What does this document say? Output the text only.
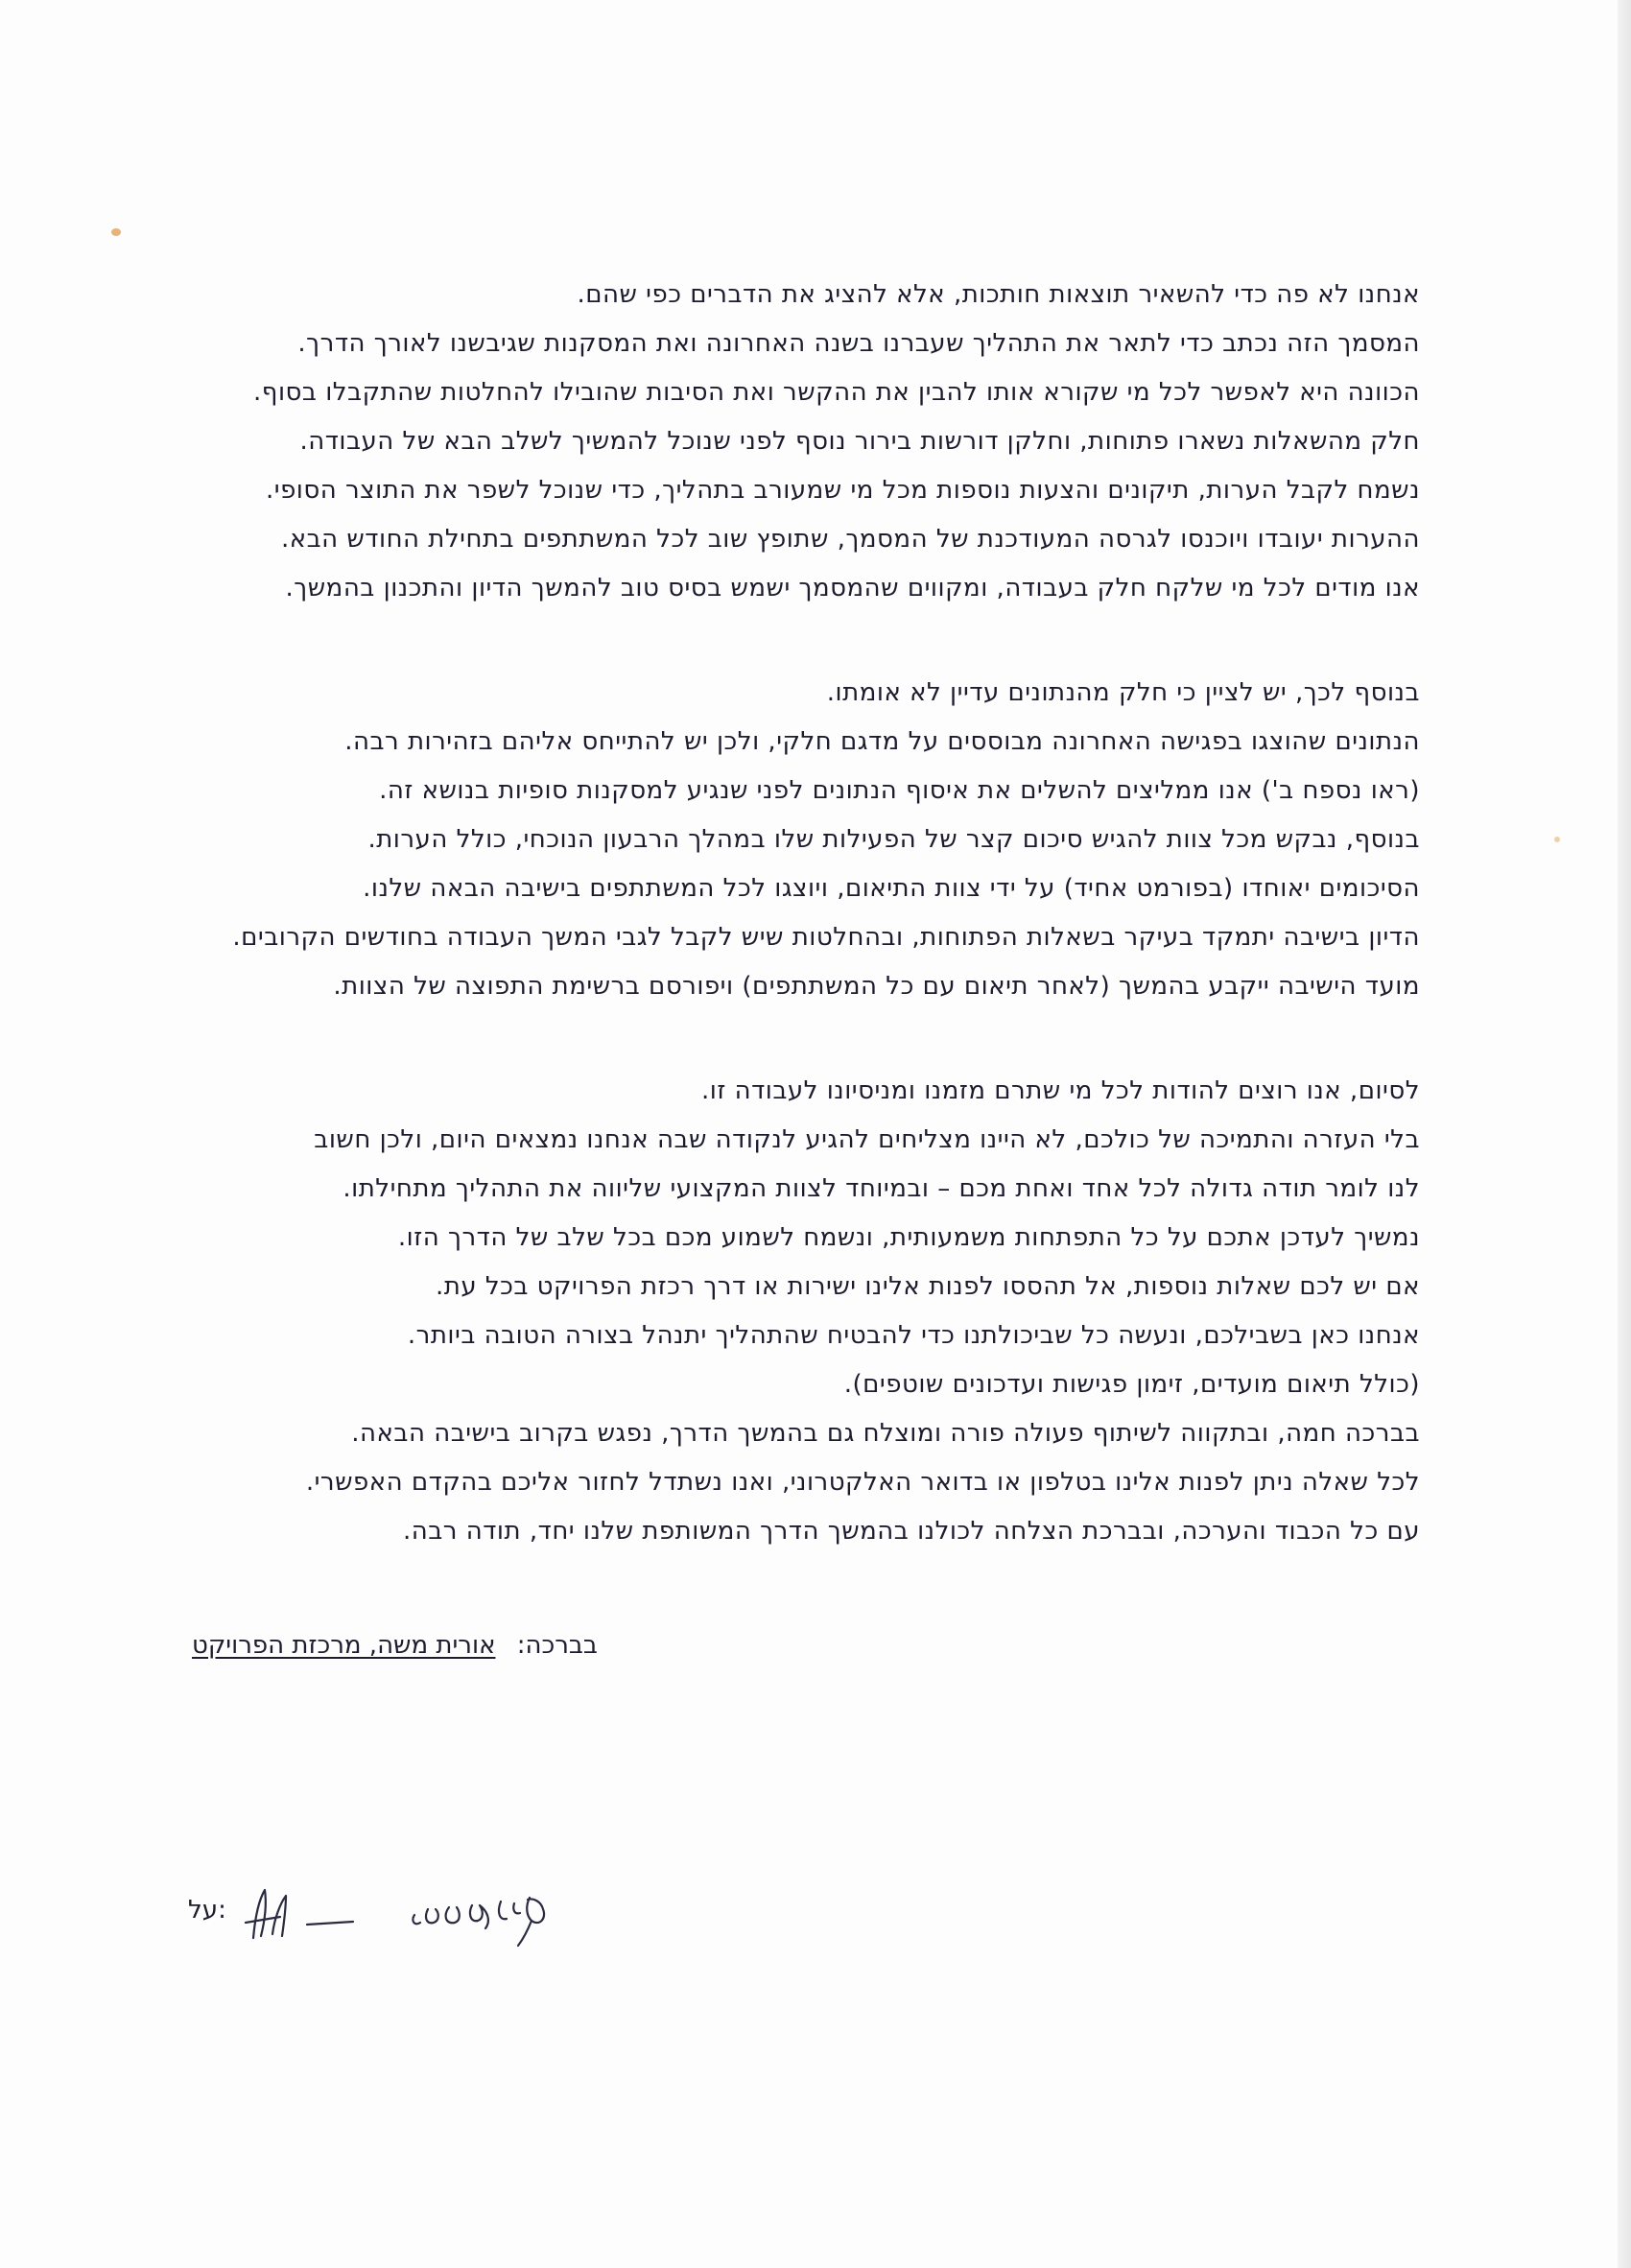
אנחנו לא פה כדי להשאיר תוצאות חותכות, אלא להציג את הדברים כפי שהם.
המסמך הזה נכתב כדי לתאר את התהליך שעברנו בשנה האחרונה ואת המסקנות שגיבשנו לאורך הדרך.
הכוונה היא לאפשר לכל מי שקורא אותו להבין את ההקשר ואת הסיבות שהובילו להחלטות שהתקבלו בסוף.
חלק מהשאלות נשארו פתוחות, וחלקן דורשות בירור נוסף לפני שנוכל להמשיך לשלב הבא של העבודה.
נשמח לקבל הערות, תיקונים והצעות נוספות מכל מי שמעורב בתהליך, כדי שנוכל לשפר את התוצר הסופי.
ההערות יעובדו ויוכנסו לגרסה המעודכנת של המסמך, שתופץ שוב לכל המשתתפים בתחילת החודש הבא.
אנו מודים לכל מי שלקח חלק בעבודה, ומקווים שהמסמך ישמש בסיס טוב להמשך הדיון והתכנון בהמשך.
בנוסף לכך, יש לציין כי חלק מהנתונים עדיין לא אומתו.
הנתונים שהוצגו בפגישה האחרונה מבוססים על מדגם חלקי, ולכן יש להתייחס אליהם בזהירות רבה.
(ראו נספח ב') אנו ממליצים להשלים את איסוף הנתונים לפני שנגיע למסקנות סופיות בנושא זה.
בנוסף, נבקש מכל צוות להגיש סיכום קצר של הפעילות שלו במהלך הרבעון הנוכחי, כולל הערות.
הסיכומים יאוחדו (בפורמט אחיד) על ידי צוות התיאום, ויוצגו לכל המשתתפים בישיבה הבאה שלנו.
הדיון בישיבה יתמקד בעיקר בשאלות הפתוחות, ובהחלטות שיש לקבל לגבי המשך העבודה בחודשים הקרובים.
מועד הישיבה ייקבע בהמשך (לאחר תיאום עם כל המשתתפים) ויפורסם ברשימת התפוצה של הצוות.
לסיום, אנו רוצים להודות לכל מי שתרם מזמנו ומניסיונו לעבודה זו.
בלי העזרה והתמיכה של כולכם, לא היינו מצליחים להגיע לנקודה שבה אנחנו נמצאים היום, ולכן חשוב
לנו לומר תודה גדולה לכל אחד ואחת מכם – ובמיוחד לצוות המקצועי שליווה את התהליך מתחילתו.
נמשיך לעדכן אתכם על כל התפתחות משמעותית, ונשמח לשמוע מכם בכל שלב של הדרך הזו.
אם יש לכם שאלות נוספות, אל תהססו לפנות אלינו ישירות או דרך רכזת הפרויקט בכל עת.
אנחנו כאן בשבילכם, ונעשה כל שביכולתנו כדי להבטיח שהתהליך יתנהל בצורה הטובה ביותר.
(כולל תיאום מועדים, זימון פגישות ועדכונים שוטפים).
בברכה חמה, ובתקווה לשיתוף פעולה פורה ומוצלח גם בהמשך הדרך, נפגש בקרוב בישיבה הבאה.
לכל שאלה ניתן לפנות אלינו בטלפון או בדואר האלקטרוני, ואנו נשתדל לחזור אליכם בהקדם האפשרי.
עם כל הכבוד והערכה, ובברכת הצלחה לכולנו בהמשך הדרך המשותפת שלנו יחד, תודה רבה.
בברכה: אורית משה, מרכזת הפרויקט
על:
